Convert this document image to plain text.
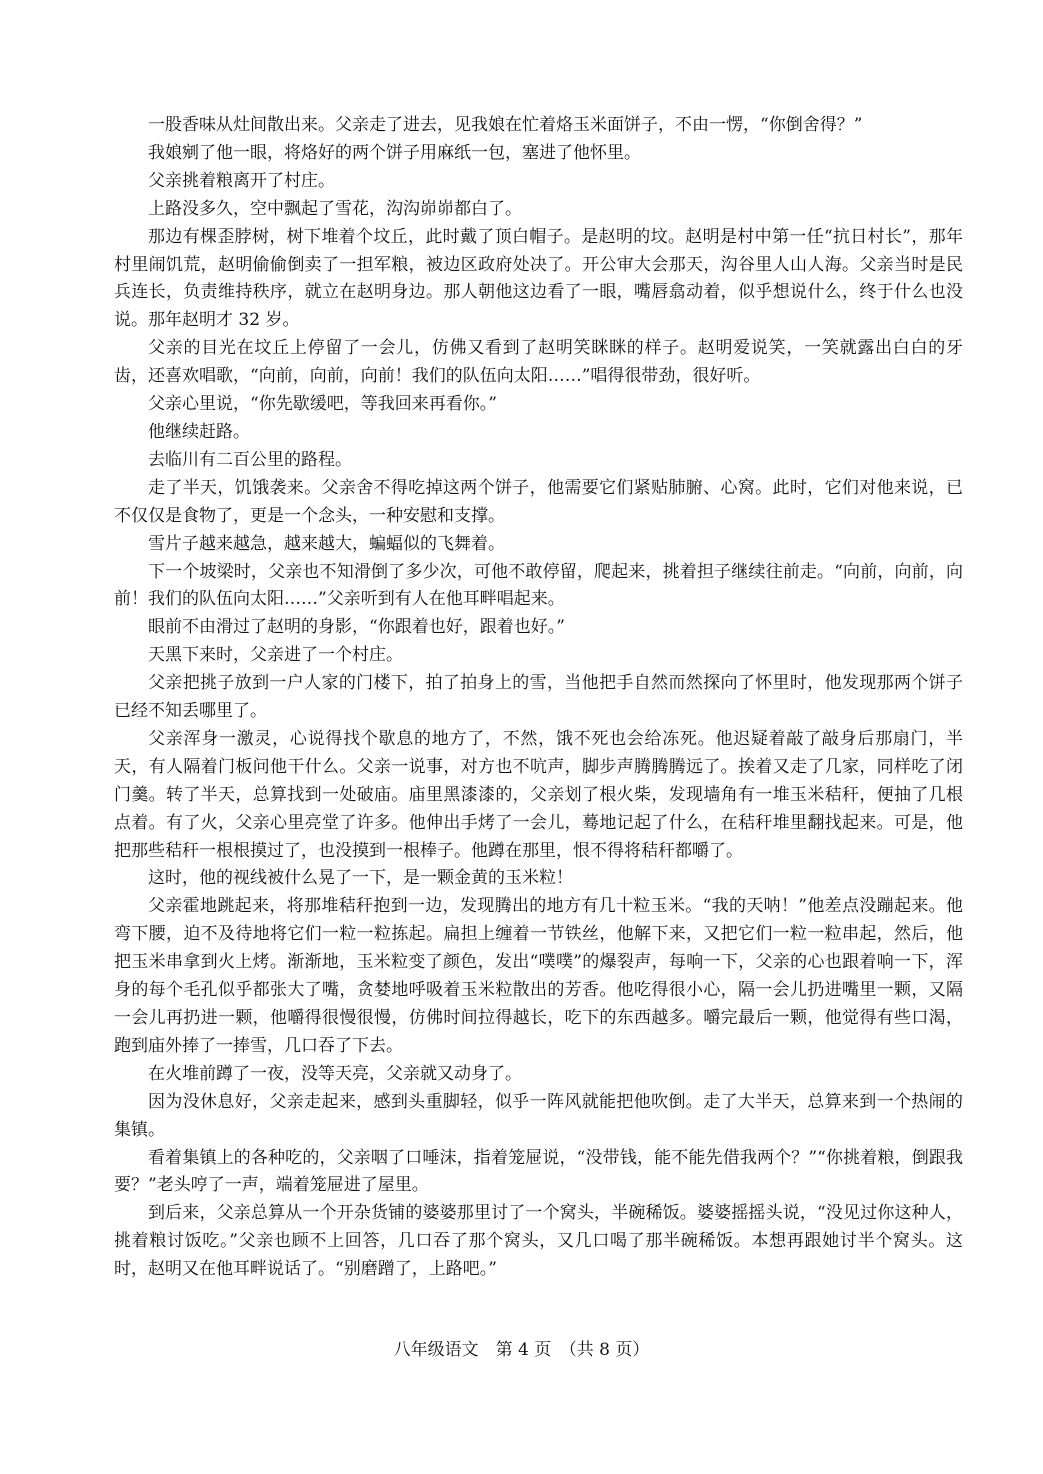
一股香味从灶间散出来。父亲走了进去，见我娘在忙着烙玉米面饼子，不由一愣，“你倒舍得？”

我娘剜了他一眼，将烙好的两个饼子用麻纸一包，塞进了他怀里。

父亲挑着粮离开了村庄。

上路没多久，空中飘起了雪花，沟沟峁峁都白了。

那边有棵歪脖树，树下堆着个坟丘，此时戴了顶白帽子。是赵明的坟。赵明是村中第一任“抗日村长”，那年村里闹饥荒，赵明偷偷倒卖了一担军粮，被边区政府处决了。开公审大会那天，沟谷里人山人海。父亲当时是民兵连长，负责维持秩序，就立在赵明身边。那人朝他这边看了一眼，嘴唇翕动着，似乎想说什么，终于什么也没说。那年赵明才 32 岁。

父亲的目光在坟丘上停留了一会儿，仿佛又看到了赵明笑眯眯的样子。赵明爱说笑，一笑就露出白白的牙齿，还喜欢唱歌，“向前，向前，向前！我们的队伍向太阳……”唱得很带劲，很好听。

父亲心里说，“你先歇缓吧，等我回来再看你。”

他继续赶路。

去临川有二百公里的路程。

走了半天，饥饿袭来。父亲舍不得吃掉这两个饼子，他需要它们紧贴肺腑、心窝。此时，它们对他来说，已不仅仅是食物了，更是一个念头，一种安慰和支撑。

雪片子越来越急，越来越大，蝙蝠似的飞舞着。

下一个坡梁时，父亲也不知滑倒了多少次，可他不敢停留，爬起来，挑着担子继续往前走。“向前，向前，向前！我们的队伍向太阳……”父亲听到有人在他耳畔唱起来。

眼前不由滑过了赵明的身影，“你跟着也好，跟着也好。”

天黑下来时，父亲进了一个村庄。

父亲把挑子放到一户人家的门楼下，拍了拍身上的雪，当他把手自然而然探向了怀里时，他发现那两个饼子已经不知丢哪里了。

父亲浑身一激灵，心说得找个歇息的地方了，不然，饿不死也会给冻死。他迟疑着敲了敲身后那扇门，半天，有人隔着门板问他干什么。父亲一说事，对方也不吭声，脚步声腾腾腾远了。挨着又走了几家，同样吃了闭门羹。转了半天，总算找到一处破庙。庙里黑漆漆的，父亲划了根火柴，发现墙角有一堆玉米秸秆，便抽了几根点着。有了火，父亲心里亮堂了许多。他伸出手烤了一会儿，蓦地记起了什么，在秸秆堆里翻找起来。可是，他把那些秸秆一根根摸过了，也没摸到一根棒子。他蹲在那里，恨不得将秸秆都嚼了。

这时，他的视线被什么晃了一下，是一颗金黄的玉米粒！

父亲霍地跳起来，将那堆秸秆抱到一边，发现腾出的地方有几十粒玉米。“我的天呐！”他差点没蹦起来。他弯下腰，迫不及待地将它们一粒一粒拣起。扁担上缠着一节铁丝，他解下来，又把它们一粒一粒串起，然后，他把玉米串拿到火上烤。渐渐地，玉米粒变了颜色，发出“噗噗”的爆裂声，每响一下，父亲的心也跟着响一下，浑身的每个毛孔似乎都张大了嘴，贪婪地呼吸着玉米粒散出的芳香。他吃得很小心，隔一会儿扔进嘴里一颗，又隔一会儿再扔进一颗，他嚼得很慢很慢，仿佛时间拉得越长，吃下的东西越多。嚼完最后一颗，他觉得有些口渴，跑到庙外捧了一捧雪，几口吞了下去。

在火堆前蹲了一夜，没等天亮，父亲就又动身了。

因为没休息好，父亲走起来，感到头重脚轻，似乎一阵风就能把他吹倒。走了大半天，总算来到一个热闹的集镇。

看着集镇上的各种吃的，父亲咽了口唾沫，指着笼屉说，“没带钱，能不能先借我两个？”“你挑着粮，倒跟我要？”老头哼了一声，端着笼屉进了屋里。

到后来，父亲总算从一个开杂货铺的婆婆那里讨了一个窝头，半碗稀饭。婆婆摇摇头说，“没见过你这种人，挑着粮讨饭吃。”父亲也顾不上回答，几口吞了那个窝头，又几口喝了那半碗稀饭。本想再跟她讨半个窝头。这时，赵明又在他耳畔说话了。“别磨蹭了，上路吧。”

八年级语文　第 4 页　（共 8 页）
